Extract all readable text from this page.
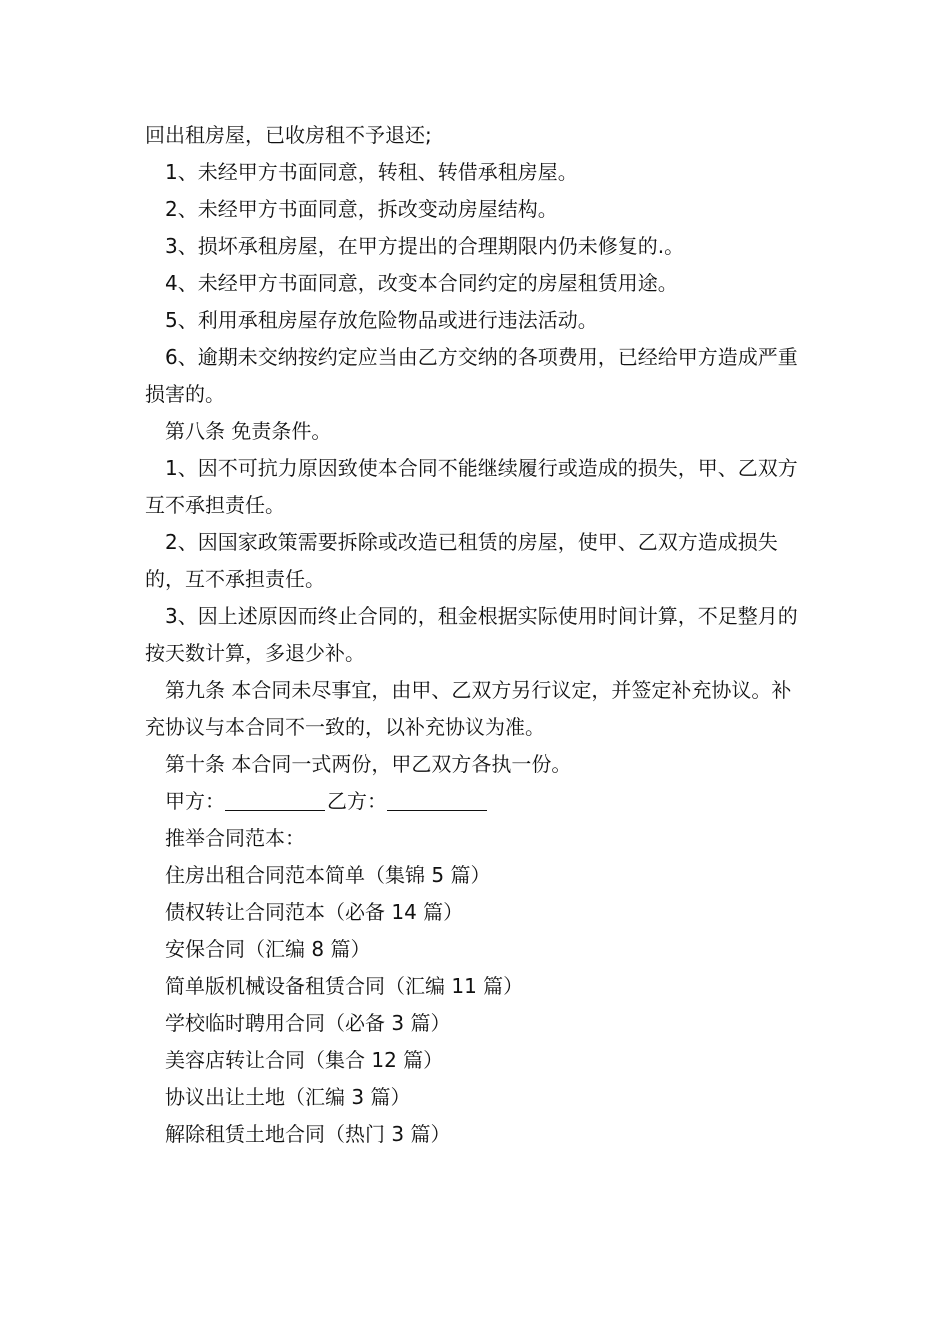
回出租房屋，已收房租不予退还;

1、未经甲方书面同意，转租、转借承租房屋。

2、未经甲方书面同意，拆改变动房屋结构。

3、损坏承租房屋，在甲方提出的合理期限内仍未修复的.。

4、未经甲方书面同意，改变本合同约定的房屋租赁用途。

5、利用承租房屋存放危险物品或进行违法活动。

6、逾期未交纳按约定应当由乙方交纳的各项费用，已经给甲方造成严重损害的。

第八条 免责条件。

1、因不可抗力原因致使本合同不能继续履行或造成的损失，甲、乙双方互不承担责任。

2、因国家政策需要拆除或改造已租赁的房屋，使甲、乙双方造成损失的，互不承担责任。

3、因上述原因而终止合同的，租金根据实际使用时间计算，不足整月的按天数计算，多退少补。

第九条 本合同未尽事宜，由甲、乙双方另行议定，并签定补充协议。补充协议与本合同不一致的，以补充协议为准。

第十条 本合同一式两份，甲乙双方各执一份。

甲方：	乙方：

推举合同范本：

住房出租合同范本简单（集锦 5 篇）

债权转让合同范本（必备 14 篇）

安保合同（汇编 8 篇）

简单版机械设备租赁合同（汇编 11 篇）

学校临时聘用合同（必备 3 篇）

美容店转让合同（集合 12 篇）

协议出让土地（汇编 3 篇）

解除租赁土地合同（热门 3 篇）
